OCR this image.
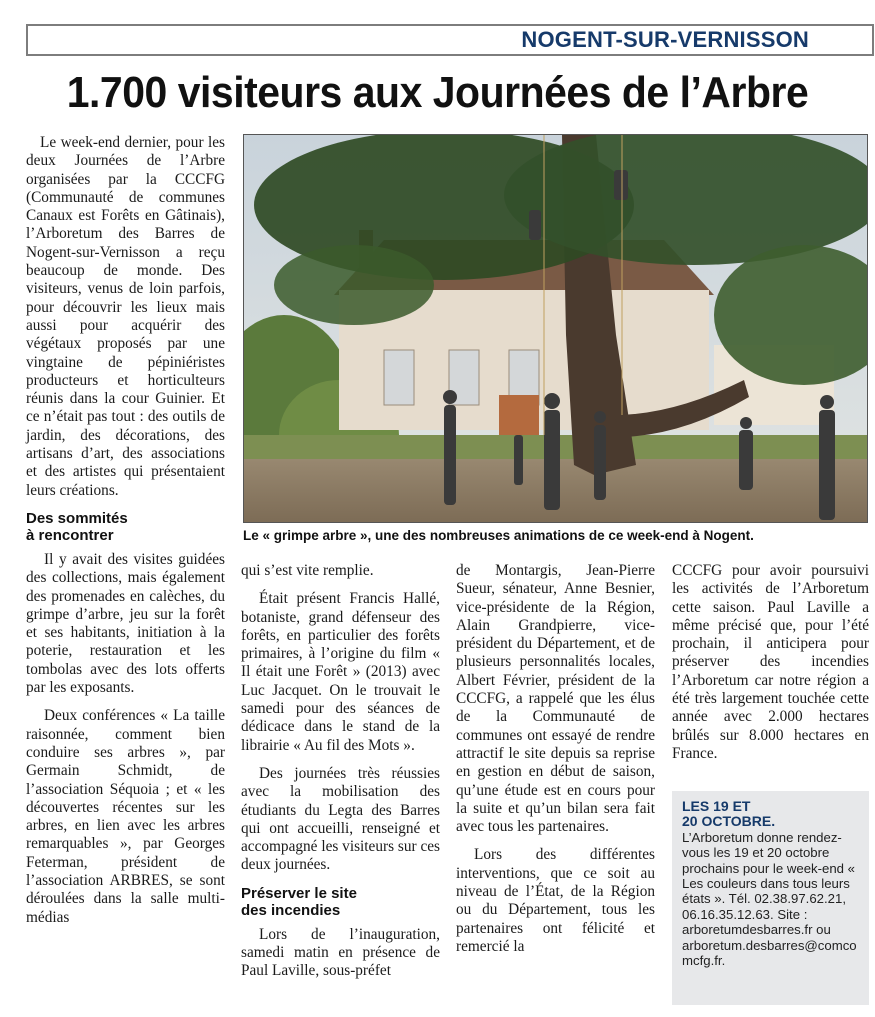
NOGENT-SUR-VERNISSON
1.700 visiteurs aux Journées de l’Arbre

Le week-end dernier, pour les deux Journées de l’Arbre organisées par la CCCFG (Communauté de communes Canaux est Forêts en Gâtinais), l’Arboretum des Barres de Nogent-sur-Vernisson a reçu beaucoup de monde. Des visiteurs, venus de loin parfois, pour découvrir les lieux mais aussi pour acquérir des végétaux proposés par une vingtaine de pépiniéristes producteurs et horticulteurs réunis dans la cour Guinier. Et ce n’était pas tout : des outils de jardin, des décorations, des artisans d’art, des associations et des artistes qui présentaient leurs créations.

Des sommités
à rencontrer

Il y avait des visites guidées des collections, mais également des promenades en calèches, du grimpe d’arbre, jeu sur la forêt et ses habitants, initiation à la poterie, restauration et les tombolas avec des lots offerts par les exposants.

Deux conférences « La taille raisonnée, comment bien conduire ses arbres », par Germain Schmidt, de l’association Séquoia ; et « les découvertes récentes sur les arbres, en lien avec les arbres remarquables », par Georges Feterman, président de l’association ARBRES, se sont déroulées dans la salle multi-médias

Le « grimpe arbre », une des nombreuses animations de ce week-end à Nogent.

qui s’est vite remplie.

Était présent Francis Hallé, botaniste, grand défenseur des forêts, en particulier des forêts primaires, à l’origine du film « Il était une Forêt » (2013) avec Luc Jacquet. On le trouvait le samedi pour des séances de dédicace dans le stand de la librairie « Au fil des Mots ».

Des journées très réussies avec la mobilisation des étudiants du Legta des Barres qui ont accueilli, renseigné et accompagné les visiteurs sur ces deux journées.

Préserver le site
des incendies

Lors de l’inauguration, samedi matin en présence de Paul Laville, sous-préfet

de Montargis, Jean-Pierre Sueur, sénateur, Anne Besnier, vice-présidente de la Région, Alain Grandpierre, vice-président du Département, et de plusieurs personnalités locales, Albert Février, président de la CCCFG, a rappelé que les élus de la Communauté de communes ont essayé de rendre attractif le site depuis sa reprise en gestion en début de saison, qu’une étude est en cours pour la suite et qu’un bilan sera fait avec tous les partenaires.

Lors des différentes interventions, que ce soit au niveau de l’État, de la Région ou du Département, tous les partenaires ont félicité et remercié la

CCCFG pour avoir poursuivi les activités de l’Arboretum cette saison. Paul Laville a même précisé que, pour l’été prochain, il anticipera pour préserver des incendies l’Arboretum car notre région a été très largement touchée cette année avec 2.000 hectares brûlés sur 8.000 hectares en France.

LES 19 ET
20 OCTOBRE.
L’Arboretum donne rendez-vous les 19 et 20 octobre prochains pour le week-end « Les couleurs dans tous leurs états ». Tél. 02.38.97.62.21, 06.16.35.12.63. Site : arboretumdesbarres.fr ou arboretum.desbarres@comcomcfg.fr.
